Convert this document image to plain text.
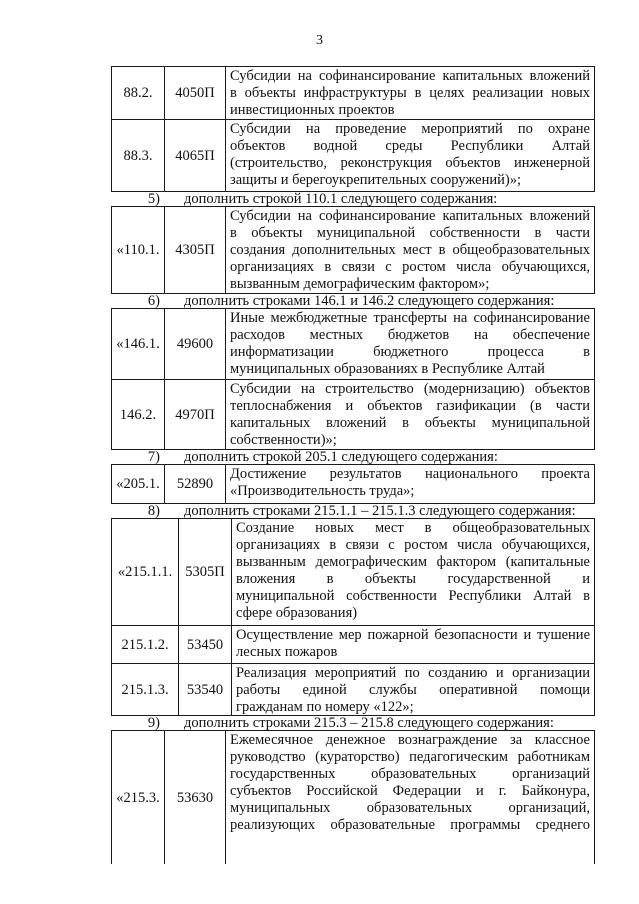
3
88.2.	4050П
Субсидии на софинансирование капитальных вложений
в объекты инфраструктуры в целях реализации новых
инвестиционных проектов
88.3.	4065П
Субсидии на проведение мероприятий по охране
объектов водной среды Республики Алтай
(строительство, реконструкция объектов инженерной
защиты и берегоукрепительных сооружений)»;
5) дополнить строкой 110.1 следующего содержания:
«110.1.	4305П
Субсидии на софинансирование капитальных вложений
в объекты муниципальной собственности в части
создания дополнительных мест в общеобразовательных
организациях в связи с ростом числа обучающихся,
вызванным демографическим фактором»;
6) дополнить строками 146.1 и 146.2 следующего содержания:
«146.1.	49600
Иные межбюджетные трансферты на софинансирование
расходов местных бюджетов на обеспечение
информатизации бюджетного процесса в
муниципальных образованиях в Республике Алтай
146.2.	4970П
Субсидии на строительство (модернизацию) объектов
теплоснабжения и объектов газификации (в части
капитальных вложений в объекты муниципальной
собственности)»;
7) дополнить строкой 205.1 следующего содержания:
«205.1.	52890
Достижение результатов национального проекта
«Производительность труда»;
8) дополнить строками 215.1.1 – 215.1.3 следующего содержания:
«215.1.1. 5305П
Создание новых мест в общеобразовательных
организациях в связи с ростом числа обучающихся,
вызванным демографическим фактором (капитальные
вложения в объекты государственной и
муниципальной собственности Республики Алтай в
сфере образования)
215.1.2.	53450
Осуществление мер пожарной безопасности и тушение
лесных пожаров
215.1.3.	53540
Реализация мероприятий по созданию и организации
работы единой службы оперативной помощи
гражданам по номеру «122»;
9) дополнить строками 215.3 – 215.8 следующего содержания:
«215.3.	53630
Ежемесячное денежное вознаграждение за классное
руководство (кураторство) педагогическим работникам
государственных образовательных организаций
субъектов Российской Федерации и г. Байконура,
муниципальных образовательных организаций,
реализующих образовательные программы среднего
